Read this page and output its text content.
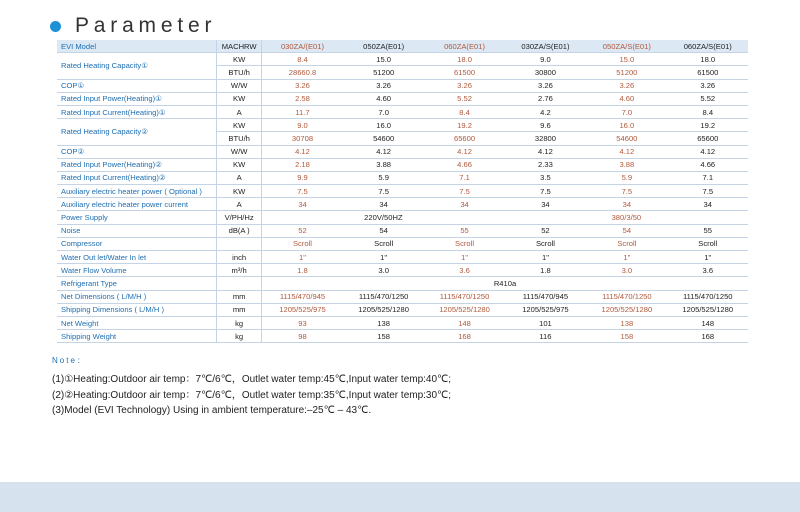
Parameter
EVI Model	MACHRW	030ZA/(E01)	050ZA(E01)	060ZA(E01)	030ZA/S(E01)	050ZA/S(E01)	060ZA/S(E01)
Rated Heating Capacity①	KW	8.4	15.0	18.0	9.0	15.0	18.0
	BTU/h	28660.8	51200	61500	30800	51200	61500
COP①	W/W	3.26	3.26	3.26	3.26	3.26	3.26
Rated Input Power(Heating)①	KW	2.58	4.60	5.52	2.76	4.60	5.52
Rated Input Current(Heating)①	A	11.7	7.0	8.4	4.2	7.0	8.4
Rated Heating Capacity②	KW	9.0	16.0	19.2	9.6	16.0	19.2
	BTU/h	30708	54600	65600	32800	54600	65600
COP②	W/W	4.12	4.12	4.12	4.12	4.12	4.12
Rated Input Power(Heating)②	KW	2.18	3.88	4.66	2.33	3.88	4.66
Rated Input Current(Heating)②	A	9.9	5.9	7.1	3.5	5.9	7.1
Auxiliary electric heater power ( Optional )	KW	7.5	7.5	7.5	7.5	7.5	7.5
Auxiliary electric heater power current	A	34	34	34	34	34	34
Power Supply	V/PH/Hz	220V/50HZ			380/3/50		
Noise	dB(A )	52	54	55	52	54	55
Compressor		Scroll	Scroll	Scroll	Scroll	Scroll	Scroll
Water Out let/Water In let	inch	1"	1"	1"	1"	1"	1"
Water Flow Volume	m³/h	1.8	3.0	3.6	1.8	3.0	3.6
Refrigerant Type		R410a					
Net Dimensions ( L/M/H )	mm	1115/470/945	1115/470/1250	1115/470/1250	1115/470/945	1115/470/1250	1115/470/1250
Shipping Dimensions ( L/M/H )	mm	1205/525/975	1205/525/1280	1205/525/1280	1205/525/975	1205/525/1280	1205/525/1280
Net Weight	kg	93	138	148	101	138	148
Shipping Weight	kg	98	158	168	116	158	168
Note：
(1)①Heating:Outdoor air temp：7℃/6℃，Outlet water temp:45℃,Input water temp:40℃;
(2)②Heating:Outdoor air temp：7℃/6℃，Outlet water temp:35℃,Input water temp:30℃;
(3)Model (EVI Technology) Using in ambient temperature:–25℃ – 43℃.
